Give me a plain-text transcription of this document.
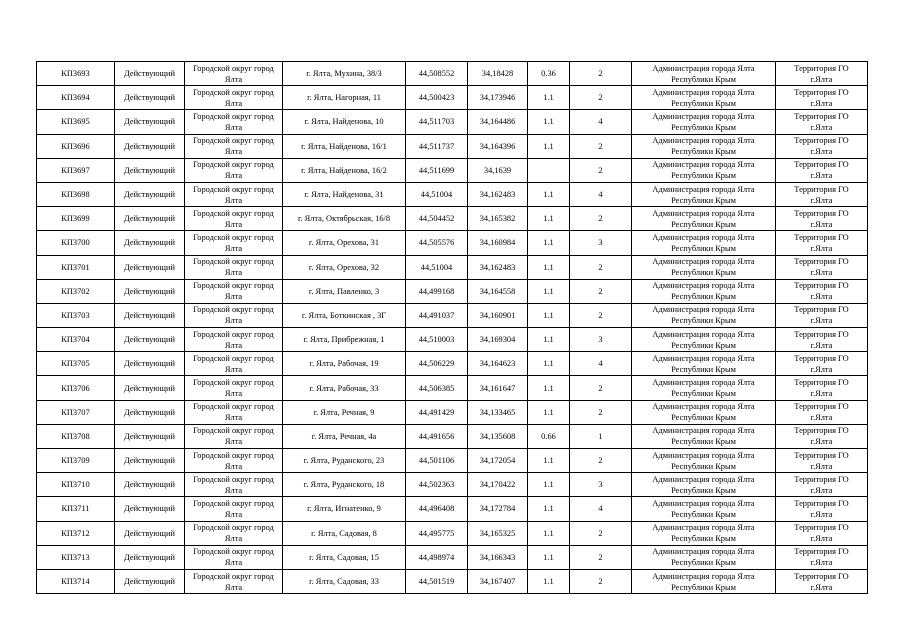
КП3693	Действующий	Городской округ город
Ялта	г. Ялта, Мухина, 38/3	44,508552	34,18428	0.36	2	Администрация города Ялта
Республики Крым	Территория ГО
г.Ялта

КП3694	Действующий	Городской округ город
Ялта	г. Ялта, Нагорная, 11	44,500423	34,173946	1.1	2	Администрация города Ялта
Республики Крым	Территория ГО
г.Ялта

КП3695	Действующий	Городской округ город
Ялта	г. Ялта, Найденова, 10	44,511703	34,164486	1.1	4	Администрация города Ялта
Республики Крым	Территория ГО
г.Ялта

КП3696	Действующий	Городской округ город
Ялта	г. Ялта, Найденова, 16/1	44,511737	34,164396	1.1	2	Администрация города Ялта
Республики Крым	Территория ГО
г.Ялта

КП3697	Действующий	Городской округ город
Ялта	г. Ялта, Найденова, 16/2	44,511699	34,1639		2	Администрация города Ялта
Республики Крым	Территория ГО
г.Ялта

КП3698	Действующий	Городской округ город
Ялта	г. Ялта, Найденова, 31	44,51004	34,162483	1.1	4	Администрация города Ялта
Республики Крым	Территория ГО
г.Ялта

КП3699	Действующий	Городской округ город
Ялта	г. Ялта, Октябрьская, 16/8	44,504452	34,165382	1.1	2	Администрация города Ялта
Республики Крым	Территория ГО
г.Ялта

КП3700	Действующий	Городской округ город
Ялта	г. Ялта, Орехова, 31	44,505576	34,160984	1.1	3	Администрация города Ялта
Республики Крым	Территория ГО
г.Ялта

КП3701	Действующий	Городской округ город
Ялта	г. Ялта, Орехова, 32	44,51004	34,162483	1.1	2	Администрация города Ялта
Республики Крым	Территория ГО
г.Ялта

КП3702	Действующий	Городской округ город
Ялта	г. Ялта, Павленко, 3	44,499168	34,164558	1.1	2	Администрация города Ялта
Республики Крым	Территория ГО
г.Ялта

КП3703	Действующий	Городской округ город
Ялта	г. Ялта, Боткинская , 3Г	44,491037	34,160901	1.1	2	Администрация города Ялта
Республики Крым	Территория ГО
г.Ялта

КП3704	Действующий	Городской округ город
Ялта	г. Ялта, Прибрежная, 1	44,510003	34,169304	1.1	3	Администрация города Ялта
Республики Крым	Территория ГО
г.Ялта

КП3705	Действующий	Городской округ город
Ялта	г. Ялта, Рабочая, 19	44,506229	34,164623	1.1	4	Администрация города Ялта
Республики Крым	Территория ГО
г.Ялта

КП3706	Действующий	Городской округ город
Ялта	г. Ялта, Рабочая, 33	44,506385	34,161647	1.1	2	Администрация города Ялта
Республики Крым	Территория ГО
г.Ялта

КП3707	Действующий	Городской округ город
Ялта	г. Ялта, Речная, 9	44,491429	34,133465	1.1	2	Администрация города Ялта
Республики Крым	Территория ГО
г.Ялта

КП3708	Действующий	Городской округ город
Ялта	г. Ялта, Речная, 4а	44,491656	34,135608	0.66	1	Администрация города Ялта
Республики Крым	Территория ГО
г.Ялта

КП3709	Действующий	Городской округ город
Ялта	г. Ялта, Руданского, 23	44,501106	34,172054	1.1	2	Администрация города Ялта
Республики Крым	Территория ГО
г.Ялта

КП3710	Действующий	Городской округ город
Ялта	г. Ялта, Руданского, 18	44,502363	34,170422	1.1	3	Администрация города Ялта
Республики Крым	Территория ГО
г.Ялта

КП3711	Действующий	Городской округ город
Ялта	г. Ялта, Игнатенко, 9	44,496408	34,172784	1.1	4	Администрация города Ялта
Республики Крым	Территория ГО
г.Ялта

КП3712	Действующий	Городской округ город
Ялта	г. Ялта, Садовая, 8	44,495775	34,165325	1.1	2	Администрация города Ялта
Республики Крым	Территория ГО
г.Ялта

КП3713	Действующий	Городской округ город
Ялта	г. Ялта, Садовая, 15	44,498974	34,166343	1.1	2	Администрация города Ялта
Республики Крым	Территория ГО
г.Ялта

КП3714	Действующий	Городской округ город
Ялта	г. Ялта, Садовая, 33	44,501519	34,167407	1.1	2	Администрация города Ялта
Республики Крым	Территория ГО
г.Ялта
